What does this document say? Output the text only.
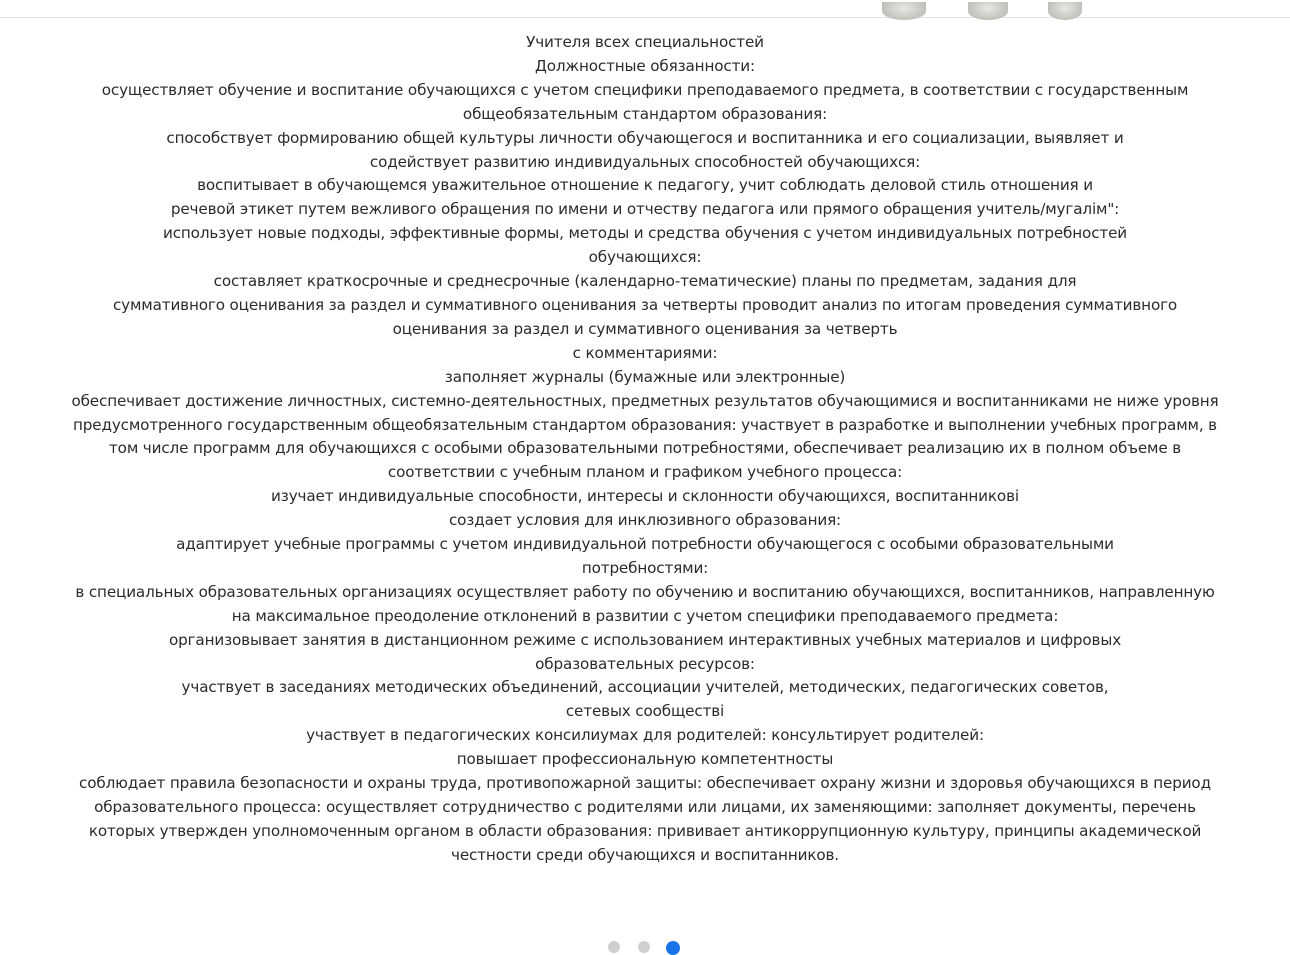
Учителя всех специальностей
Должностные обязанности:
осуществляет обучение и воспитание обучающихся с учетом специфики преподаваемого предмета, в соответствии с государственным
общеобязательным стандартом образования:
способствует формированию общей культуры личности обучающегося и воспитанника и его социализации, выявляет и
содействует развитию индивидуальных способностей обучающихся:
воспитывает в обучающемся уважительное отношение к педагогу, учит соблюдать деловой стиль отношения и
речевой этикет путем вежливого обращения по имени и отчеству педагога или прямого обращения учитель/мугалім":
использует новые подходы, эффективные формы, методы и средства обучения с учетом индивидуальных потребностей
обучающихся:
составляет краткосрочные и среднесрочные (календарно-тематические) планы по предметам, задания для
суммативного оценивания за раздел и суммативного оценивания за четверты проводит анализ по итогам проведения суммативного
оценивания за раздел и суммативного оценивания за четверть
с комментариями:
заполняет журналы (бумажные или электронные)
обеспечивает достижение личностных, системно-деятельностных, предметных результатов обучающимися и воспитанниками не ниже уровня
предусмотренного государственным общеобязательным стандартом образования: участвует в разработке и выполнении учебных программ, в
том числе программ для обучающихся с особыми образовательными потребностями, обеспечивает реализацию их в полном объеме в
соответствии с учебным планом и графиком учебного процесса:
изучает индивидуальные способности, интересы и склонности обучающихся, воспитанниковi
создает условия для инклюзивного образования:
адаптирует учебные программы с учетом индивидуальной потребности обучающегося с особыми образовательными
потребностями:
в специальных образовательных организациях осуществляет работу по обучению и воспитанию обучающихся, воспитанников, направленную
на максимальное преодоление отклонений в развитии с учетом специфики преподаваемого предмета:
организовывает занятия в дистанционном режиме с использованием интерактивных учебных материалов и цифровых
образовательных ресурсов:
участвует в заседаниях методических объединений, ассоциации учителей, методических, педагогических советов,
сетевых сообществi
участвует в педагогических консилиумах для родителей: консультирует родителей:
повышает профессиональную компетентносты
соблюдает правила безопасности и охраны труда, противопожарной защиты: обеспечивает охрану жизни и здоровья обучающихся в период
образовательного процесса: осуществляет сотрудничество с родителями или лицами, их заменяющими: заполняет документы, перечень
которых утвержден уполномоченным органом в области образования: прививает антикоррупционную культуру, принципы академической
честности среди обучающихся и воспитанников.
